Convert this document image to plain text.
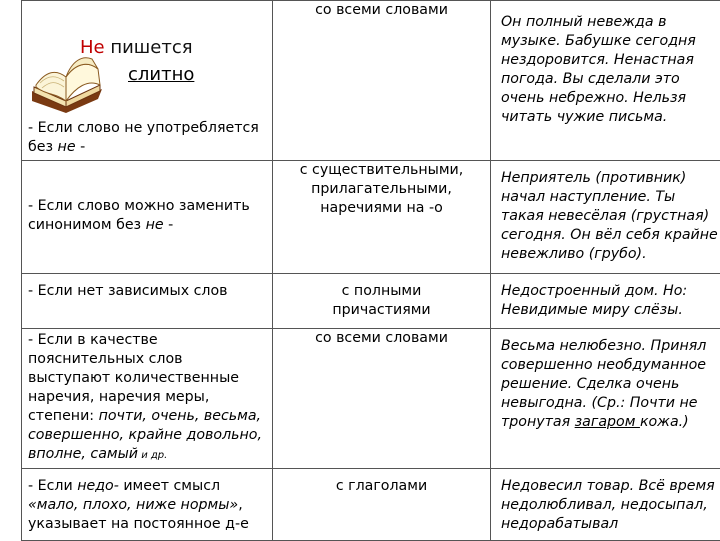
Не пишется
слитно
- Если слово не употребляется без не -	со всеми словами	Он полный невежда в музыке. Бабушке сегодня нездоровится. Ненастная погода. Вы сделали это очень небрежно. Нельзя читать чужие письма.

- Если слово можно заменить синонимом без не -	с существительными, прилагательными, наречиями на -о	Неприятель (противник) начал наступление. Ты такая невесёлая (грустная) сегодня. Он вёл себя крайне невежливо (грубо).

- Если нет зависимых слов	с полными причастиями	Недостроенный дом. Но: Невидимые миру слёзы.

- Если в качестве пояснительных слов выступают количественные наречия, наречия меры, степени: почти, очень, весьма, совершенно, крайне довольно, вполне, самый и др.	со всеми словами	Весьма нелюбезно. Принял совершенно необдуманное решение. Сделка очень невыгодна. (Ср.: Почти не тронутая загаром кожа.)

- Если недо- имеет смысл «мало, плохо, ниже нормы», указывает на постоянное д-е	с глаголами	Недовесил товар. Всё время недолюбливал, недосыпал, недорабатывал
